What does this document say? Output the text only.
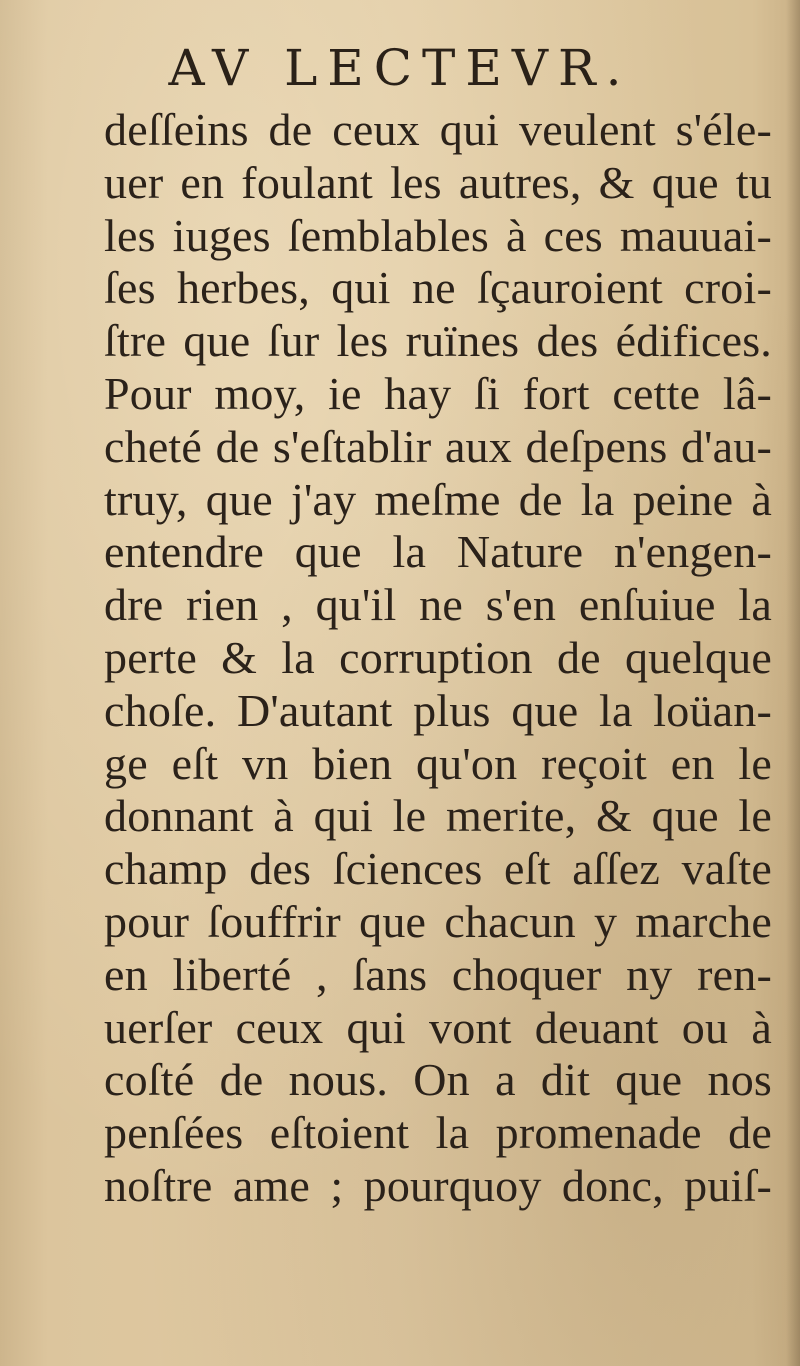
AV LECTEVR.
deſſeins de ceux qui veulent s'éle-
uer en foulant les autres, & que tu
les iuges ſemblables à ces mauuai-
ſes herbes, qui ne ſçauroient croi-
ſtre que ſur les ruïnes des édifices.
Pour moy, ie hay ſi fort cette lâ-
cheté de s'eſtablir aux deſpens d'au-
truy, que j'ay meſme de la peine à
entendre que la Nature n'engen-
dre rien , qu'il ne s'en enſuiue la
perte & la corruption de quelque
choſe. D'autant plus que la loüan-
ge eſt vn bien qu'on reçoit en le
donnant à qui le merite, & que le
champ des ſciences eſt aſſez vaſte
pour ſouffrir que chacun y marche
en liberté , ſans choquer ny ren-
uerſer ceux qui vont deuant ou à
coſté de nous. On a dit que nos
penſées eſtoient la promenade de
noſtre ame ; pourquoy donc, puiſ-
